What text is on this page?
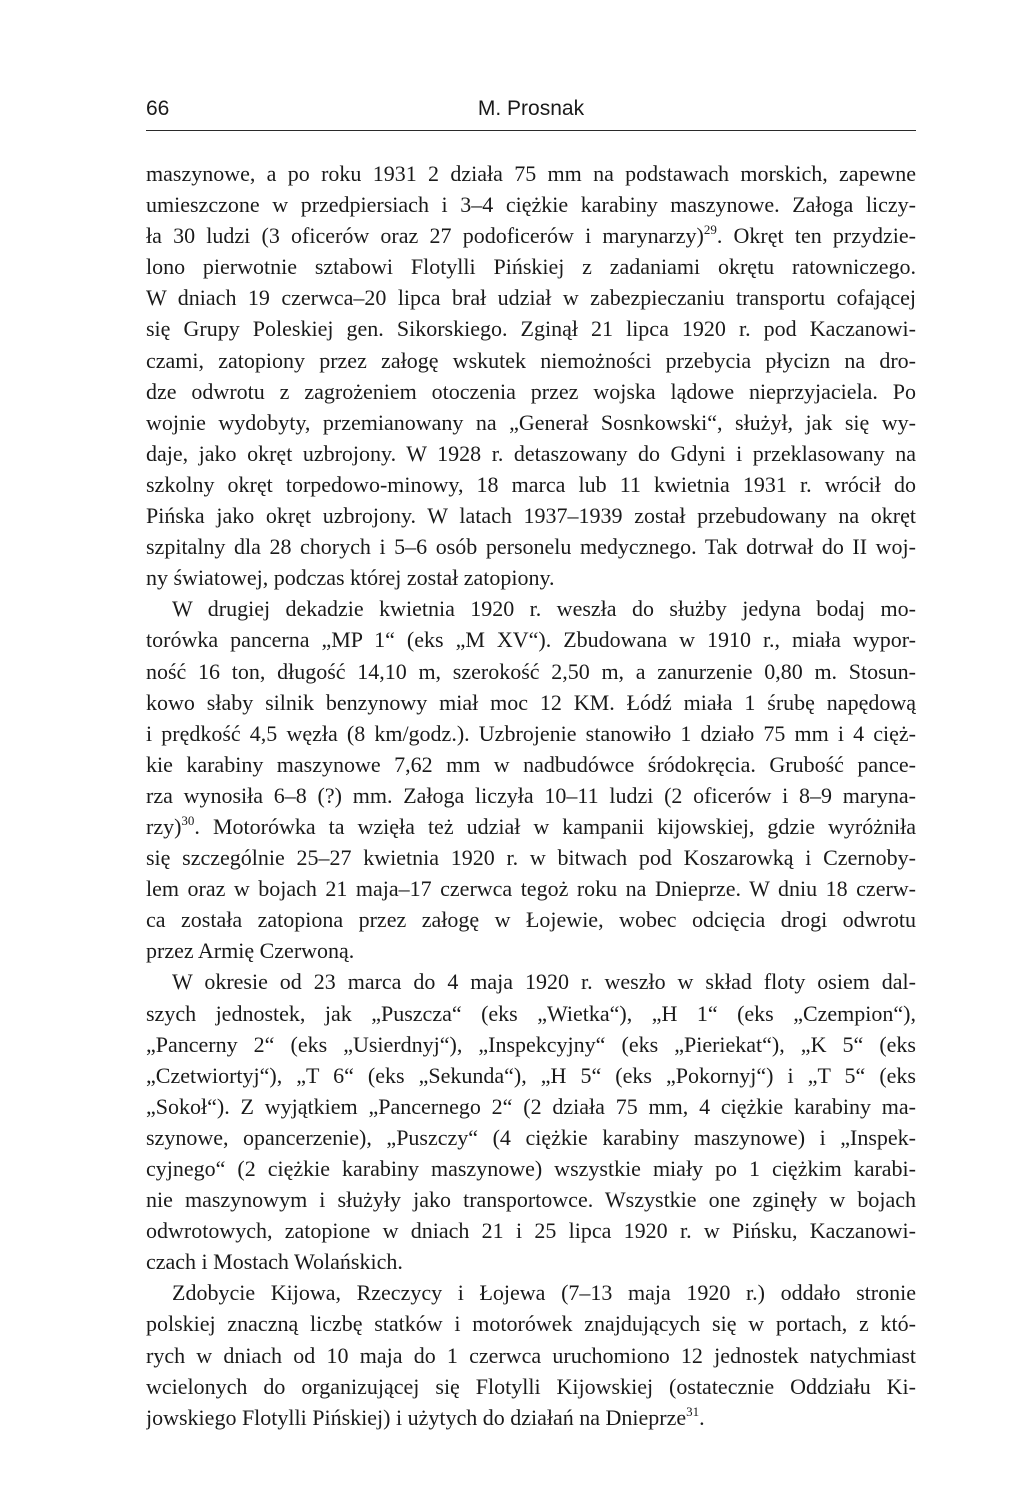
66	M. Prosnak
maszynowe, a po roku 1931 2 działa 75 mm na podstawach morskich, zapewne
umieszczone w przedpiersiach i 3–4 ciężkie karabiny maszynowe. Załoga liczy-
ła 30 ludzi (3 oficerów oraz 27 podoficerów i marynarzy)$^{29}$. Okręt ten przydzie-
lono pierwotnie sztabowi Flotylli Pińskiej z zadaniami okrętu ratowniczego.
W dniach 19 czerwca–20 lipca brał udział w zabezpieczaniu transportu cofającej
się Grupy Poleskiej gen. Sikorskiego. Zginął 21 lipca 1920 r. pod Kaczanowi-
czami, zatopiony przez załogę wskutek niemożności przebycia płycizn na dro-
dze odwrotu z zagrożeniem otoczenia przez wojska lądowe nieprzyjaciela. Po
wojnie wydobyty, przemianowany na „Generał Sosnkowski“, służył, jak się wy-
daje, jako okręt uzbrojony. W 1928 r. detaszowany do Gdyni i przeklasowany na
szkolny okręt torpedowo-minowy, 18 marca lub 11 kwietnia 1931 r. wrócił do
Pińska jako okręt uzbrojony. W latach 1937–1939 został przebudowany na okręt
szpitalny dla 28 chorych i 5–6 osób personelu medycznego. Tak dotrwał do II woj-
ny światowej, podczas której został zatopiony.
W drugiej dekadzie kwietnia 1920 r. weszła do służby jedyna bodaj mo-
torówka pancerna „MP 1“ (eks „M XV“). Zbudowana w 1910 r., miała wypor-
ność 16 ton, długość 14,10 m, szerokość 2,50 m, a zanurzenie 0,80 m. Stosun-
kowo słaby silnik benzynowy miał moc 12 KM. Łódź miała 1 śrubę napędową
i prędkość 4,5 węzła (8 km/godz.). Uzbrojenie stanowiło 1 działo 75 mm i 4 cięż-
kie karabiny maszynowe 7,62 mm w nadbudówce śródokręcia. Grubość pance-
rza wynosiła 6–8 (?) mm. Załoga liczyła 10–11 ludzi (2 oficerów i 8–9 maryna-
rzy)$^{30}$. Motorówka ta wzięła też udział w kampanii kijowskiej, gdzie wyróżniła
się szczególnie 25–27 kwietnia 1920 r. w bitwach pod Koszarowką i Czernoby-
lem oraz w bojach 21 maja–17 czerwca tegoż roku na Dnieprze. W dniu 18 czerw-
ca została zatopiona przez załogę w Łojewie, wobec odcięcia drogi odwrotu
przez Armię Czerwoną.
W okresie od 23 marca do 4 maja 1920 r. weszło w skład floty osiem dal-
szych jednostek, jak „Puszcza“ (eks „Wietka“), „H 1“ (eks „Czempion“),
„Pancerny 2“ (eks „Usierdnyj“), „Inspekcyjny“ (eks „Pieriekat“), „K 5“ (eks
„Czetwiortyj“), „T 6“ (eks „Sekunda“), „H 5“ (eks „Pokornyj“) i „T 5“ (eks
„Sokoł“). Z wyjątkiem „Pancernego 2“ (2 działa 75 mm, 4 ciężkie karabiny ma-
szynowe, opancerzenie), „Puszczy“ (4 ciężkie karabiny maszynowe) i „Inspek-
cyjnego“ (2 ciężkie karabiny maszynowe) wszystkie miały po 1 ciężkim karabi-
nie maszynowym i służyły jako transportowce. Wszystkie one zginęły w bojach
odwrotowych, zatopione w dniach 21 i 25 lipca 1920 r. w Pińsku, Kaczanowi-
czach i Mostach Wolańskich.
Zdobycie Kijowa, Rzeczycy i Łojewa (7–13 maja 1920 r.) oddało stronie
polskiej znaczną liczbę statków i motorówek znajdujących się w portach, z któ-
rych w dniach od 10 maja do 1 czerwca uruchomiono 12 jednostek natychmiast
wcielonych do organizującej się Flotylli Kijowskiej (ostatecznie Oddziału Ki-
jowskiego Flotylli Pińskiej) i użytych do działań na Dnieprze$^{31}$.
